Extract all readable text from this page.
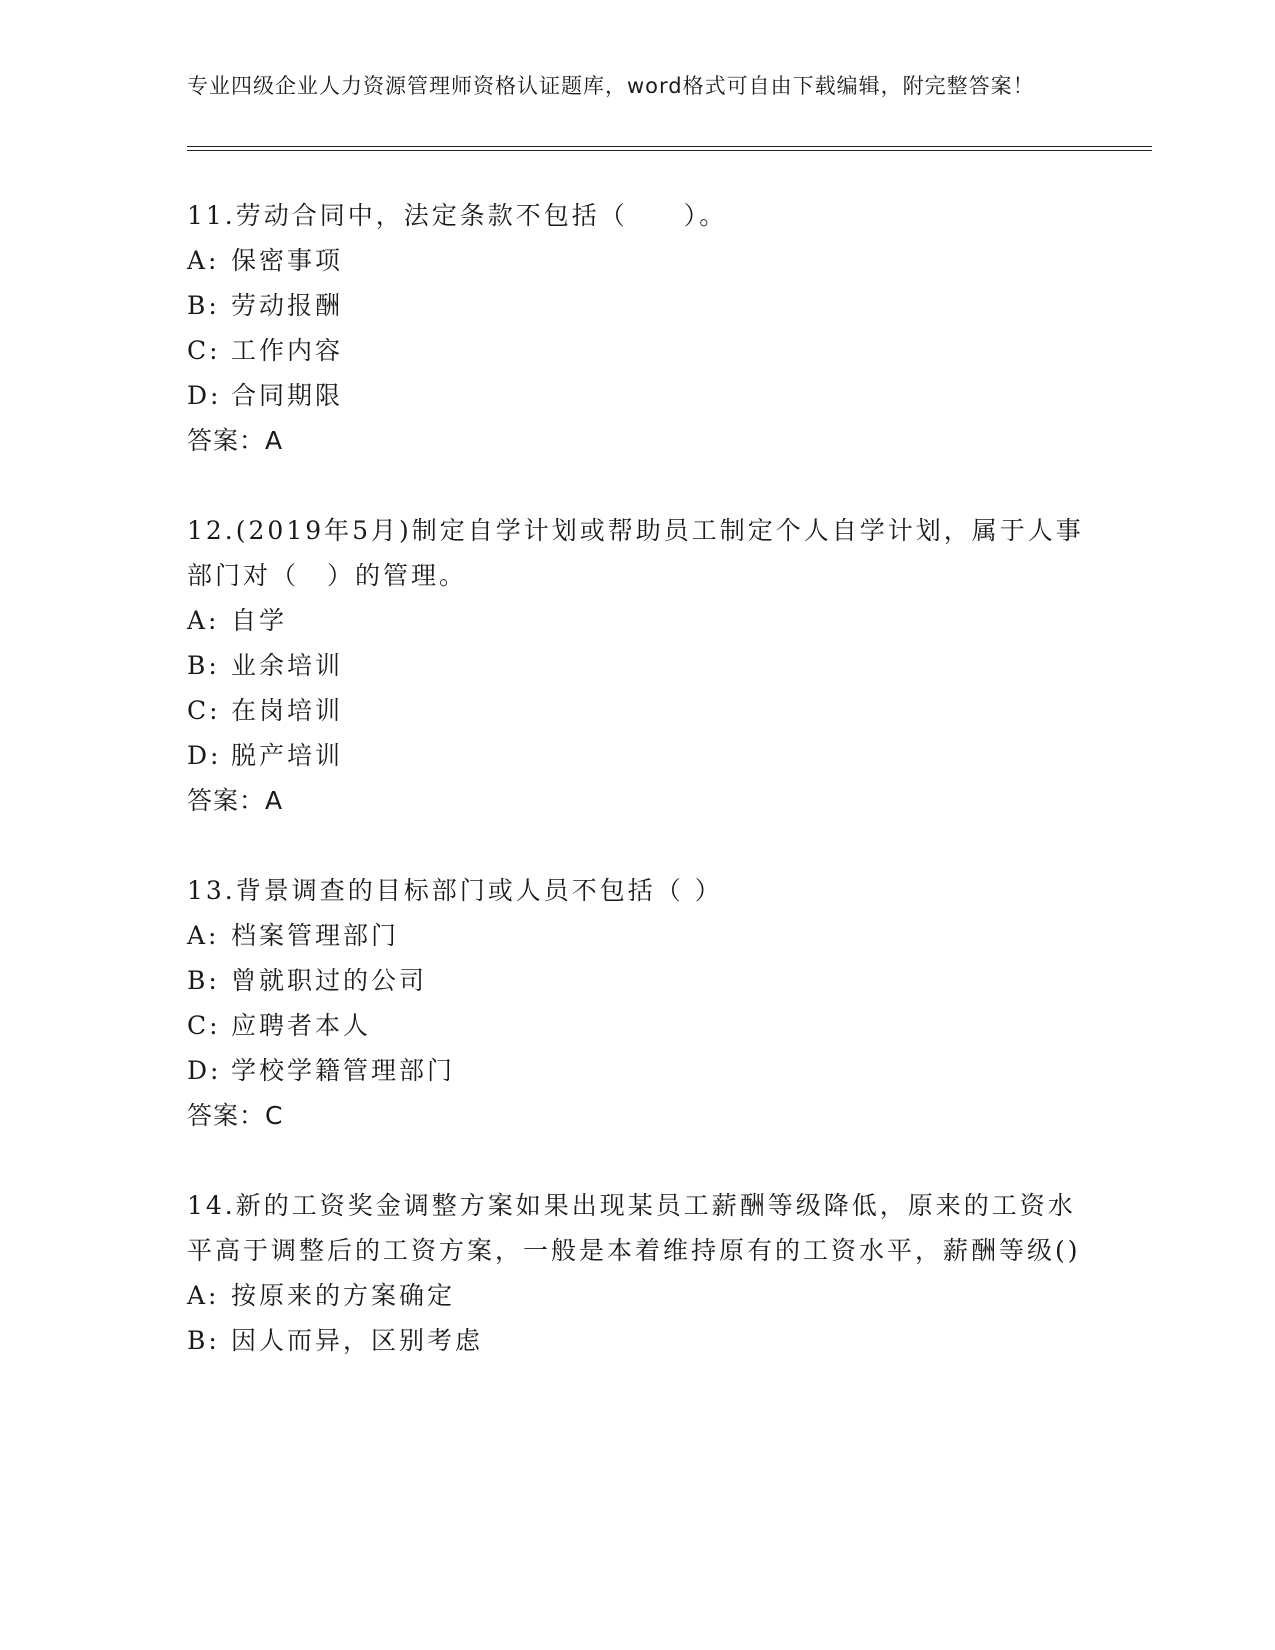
专业四级企业人力资源管理师资格认证题库，word格式可自由下载编辑，附完整答案！
11.劳动合同中，法定条款不包括（　　）。
A: 保密事项
B: 劳动报酬
C: 工作内容
D: 合同期限
答案：A
12.(2019年5月)制定自学计划或帮助员工制定个人自学计划，属于人事部门对（　）的管理。
A: 自学
B: 业余培训
C: 在岗培训
D: 脱产培训
答案：A
13.背景调查的目标部门或人员不包括（ ）
A: 档案管理部门
B: 曾就职过的公司
C: 应聘者本人
D: 学校学籍管理部门
答案：C
14.新的工资奖金调整方案如果出现某员工薪酬等级降低，原来的工资水平高于调整后的工资方案，一般是本着维持原有的工资水平，薪酬等级()
A: 按原来的方案确定
B: 因人而异，区别考虑
